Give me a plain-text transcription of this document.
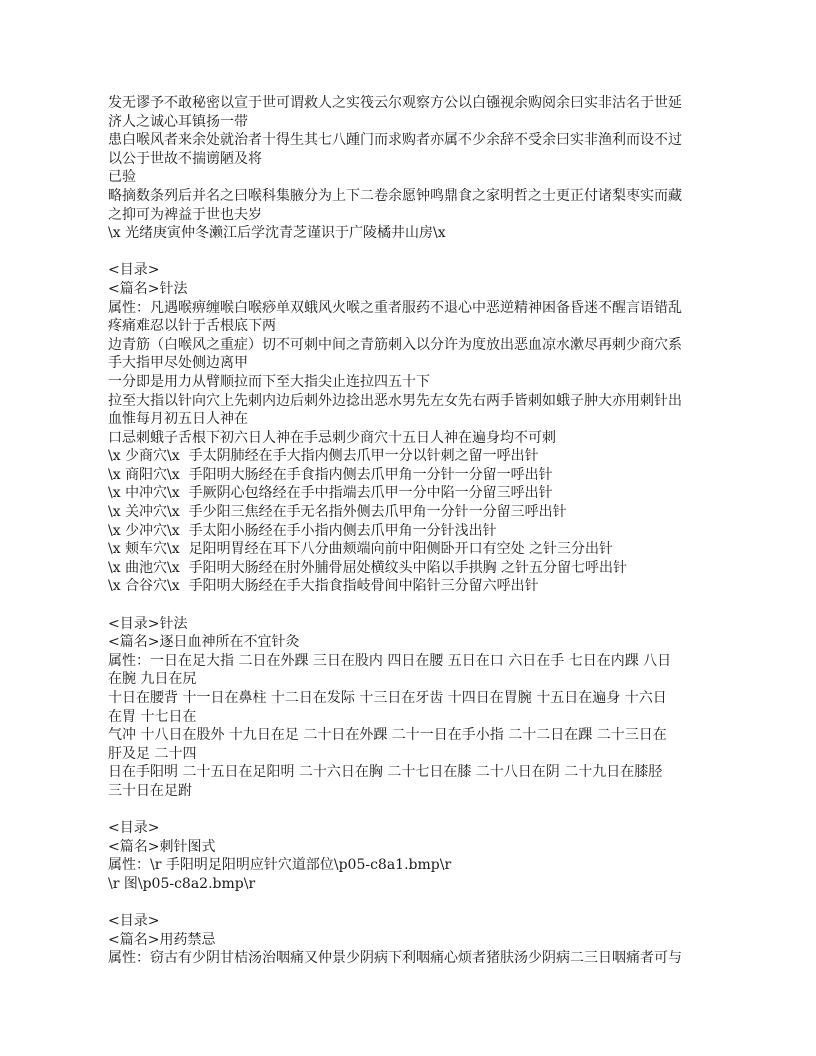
发无谬予不敢秘密以宣于世可谓救人之实筏云尔观察方公以白镪视余购阅余曰实非沽名于世延
济人之诚心耳镇扬一带
患白喉风者来余处就治者十得生其七八踵门而求购者亦属不少余辞不受余曰实非渔利而设不过
以公于世故不揣谫陋及将
已验
略摘数条列后并名之曰喉科集腋分为上下二卷余愿钟鸣鼎食之家明哲之士更正付诸梨枣实而藏
之抑可为裨益于世也夫岁
\x 光绪庚寅仲冬濑江后学沈青芝谨识于广陵橘井山房\x
<目录>
<篇名>针法
属性：凡遇喉痹缠喉白喉痧单双蛾风火喉之重者服药不退心中恶逆精神困备昏迷不醒言语错乱
疼痛难忍以针于舌根底下两
边青筋（白喉风之重症）切不可刺中间之青筋刺入以分许为度放出恶血凉水漱尽再刺少商穴系
手大指甲尽处侧边离甲
一分即是用力从臂顺拉而下至大指尖止连拉四五十下
拉至大指以针向穴上先刺内边后刺外边捻出恶水男先左女先右两手皆刺如蛾子肿大亦用刺针出
血惟每月初五日人神在
口忌刺蛾子舌根下初六日人神在手忌刺少商穴十五日人神在遍身均不可刺
\x 少商穴\x  手太阴肺经在手大指内侧去爪甲一分以针刺之留一呼出针
\x 商阳穴\x  手阳明大肠经在手食指内侧去爪甲角一分针一分留一呼出针
\x 中冲穴\x  手厥阴心包络经在手中指端去爪甲一分中陷一分留三呼出针
\x 关冲穴\x  手少阳三焦经在手无名指外侧去爪甲角一分针一分留三呼出针
\x 少冲穴\x  手太阳小肠经在手小指内侧去爪甲角一分针浅出针
\x 颊车穴\x  足阳明胃经在耳下八分曲颊端向前中阳侧卧开口有空处 之针三分出针
\x 曲池穴\x  手阳明大肠经在肘外脯骨屈处横纹头中陷以手拱胸 之针五分留七呼出针
\x 合谷穴\x  手阳明大肠经在手大指食指岐骨间中陷针三分留六呼出针
<目录>针法
<篇名>逐日血神所在不宜针灸
属性：一日在足大指 二日在外踝 三日在股内 四日在腰 五日在口 六日在手 七日在内踝 八日
在腕 九日在尻
十日在腰背 十一日在鼻柱 十二日在发际 十三日在牙齿 十四日在胃腕 十五日在遍身 十六日
在胃 十七日在
气冲 十八日在股外 十九日在足 二十日在外踝 二十一日在手小指 二十二日在踝 二十三日在
肝及足 二十四
日在手阳明 二十五日在足阳明 二十六日在胸 二十七日在膝 二十八日在阴 二十九日在膝胫
三十日在足跗
<目录>
<篇名>刺针图式
属性：\r 手阳明足阳明应针穴道部位\p05-c8a1.bmp\r
\r 图\p05-c8a2.bmp\r
<目录>
<篇名>用药禁忌
属性：窃古有少阴甘桔汤治咽痛又仲景少阴病下利咽痛心烦者猪肤汤少阴病二三日咽痛者可与
